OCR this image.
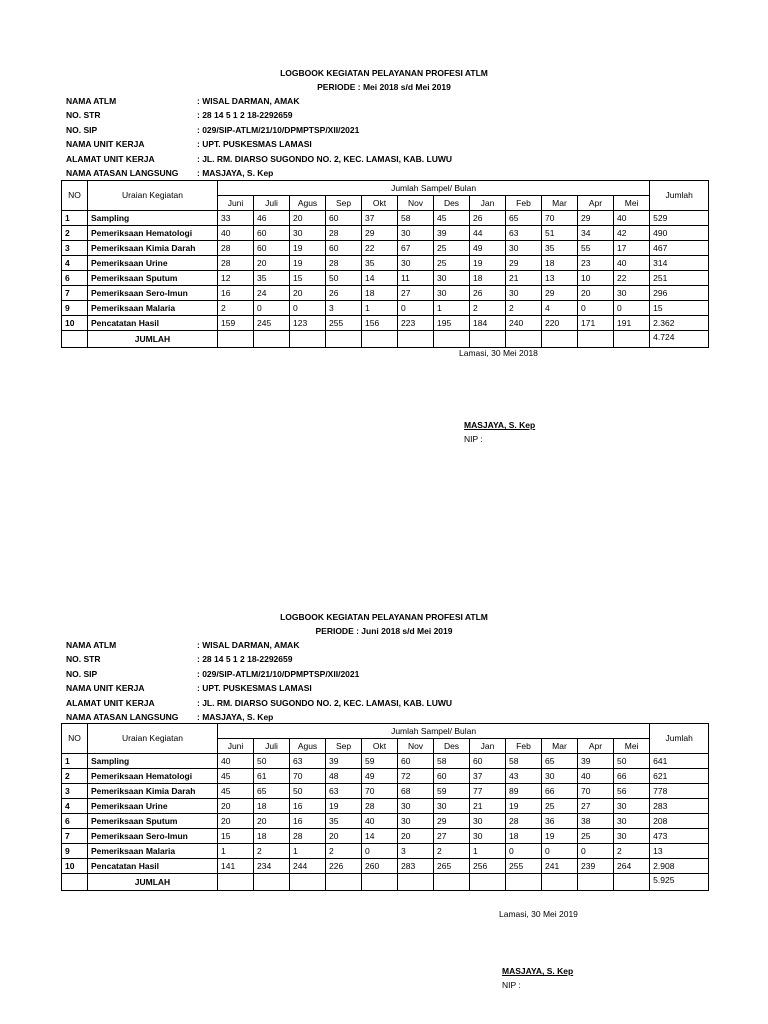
LOGBOOK KEGIATAN PELAYANAN PROFESI ATLM
PERIODE : Mei 2018 s/d Mei 2019
NAMA ATLM	: WISAL DARMAN, AMAK
NO. STR	: 28 14 5 1 2 18-2292659
NO. SIP	: 029/SIP-ATLM/21/10/DPMPTSP/XII/2021
NAMA UNIT KERJA	: UPT. PUSKESMAS LAMASI
ALAMAT UNIT KERJA	: JL. RM. DIARSO SUGONDO NO. 2, KEC. LAMASI, KAB. LUWU
NAMA ATASAN LANGSUNG : MASJAYA, S. Kep
NO	Uraian Kegiatan	Jumlah Sampel/ Bulan												Jumlah
		Juni	Juli	Agus	Sep	Okt	Nov	Des	Jan	Feb	Mar	Apr	Mei	
1	Sampling	33	46	20	60	37	58	45	26	65	70	29	40	529
2	Pemeriksaan Hematologi	40	60	30	28	29	30	39	44	63	51	34	42	490
3	Pemeriksaan Kimia Darah	28	60	19	60	22	67	25	49	30	35	55	17	467
4	Pemeriksaan Urine	28	20	19	28	35	30	25	19	29	18	23	40	314
6	Pemeriksaan Sputum	12	35	15	50	14	11	30	18	21	13	10	22	251
7	Pemeriksaan Sero-Imun	16	24	20	26	18	27	30	26	30	29	20	30	296
9	Pemeriksaan Malaria	2	0	0	3	1	0	1	2	2	4	0	0	15
10	Pencatatan Hasil	159	245	123	255	156	223	195	184	240	220	171	191	2.362
	JUMLAH													4.724
Lamasi, 30 Mei 2018
MASJAYA, S. Kep
NIP :
LOGBOOK KEGIATAN PELAYANAN PROFESI ATLM
PERIODE : Juni 2018 s/d Mei 2019
NAMA ATLM	: WISAL DARMAN, AMAK
NO. STR	: 28 14 5 1 2 18-2292659
NO. SIP	: 029/SIP-ATLM/21/10/DPMPTSP/XII/2021
NAMA UNIT KERJA	: UPT. PUSKESMAS LAMASI
ALAMAT UNIT KERJA	: JL. RM. DIARSO SUGONDO NO. 2, KEC. LAMASI, KAB. LUWU
NAMA ATASAN LANGSUNG : MASJAYA, S. Kep
NO	Uraian Kegiatan	Jumlah Sampel/ Bulan												Jumlah
		Juni	Juli	Agus	Sep	Okt	Nov	Des	Jan	Feb	Mar	Apr	Mei	
1	Sampling	40	50	63	39	59	60	58	60	58	65	39	50	641
2	Pemeriksaan Hematologi	45	61	70	48	49	72	60	37	43	30	40	66	621
3	Pemeriksaan Kimia Darah	45	65	50	63	70	68	59	77	89	66	70	56	778
4	Pemeriksaan Urine	20	18	16	19	28	30	30	21	19	25	27	30	283
6	Pemeriksaan Sputum	20	20	16	35	40	30	29	30	28	36	38	30	208
7	Pemeriksaan Sero-Imun	15	18	28	20	14	20	27	30	18	19	25	30	473
9	Pemeriksaan Malaria	1	2	1	2	0	3	2	1	0	0	0	2	13
10	Pencatatan Hasil	141	234	244	226	260	283	265	256	255	241	239	264	2.908
	JUMLAH													5.925
Lamasi, 30 Mei 2019
MASJAYA, S. Kep
NIP :
